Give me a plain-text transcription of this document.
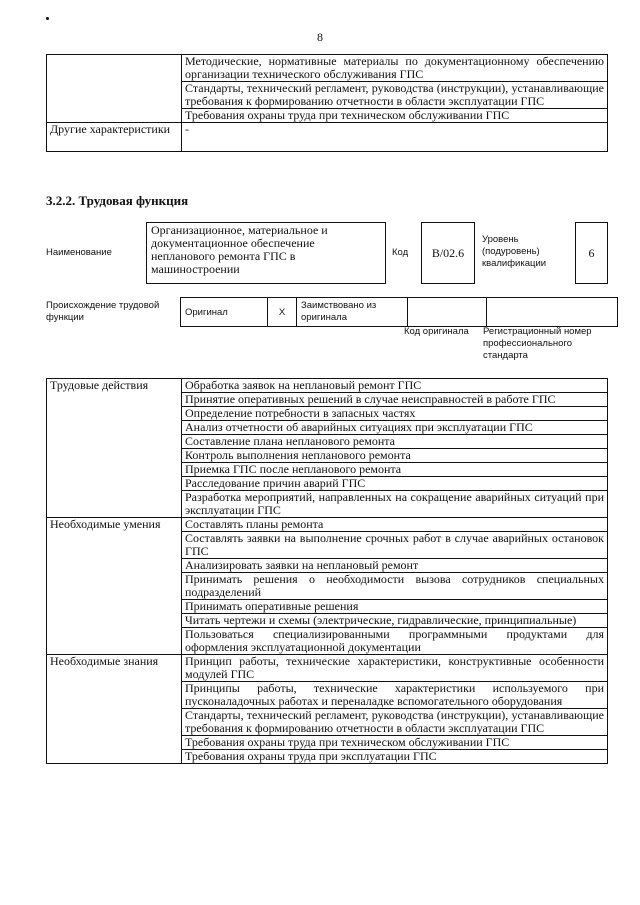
8
	Методические, нормативные материалы по документационному обеспечению организации технического обслуживания ГПС
	Стандарты, технический регламент, руководства (инструкции), устанавливающие требования к формированию отчетности в области эксплуатации ГПС
	Требования охраны труда при техническом обслуживании ГПС
Другие характеристики	-
3.2.2. Трудовая функция
Наименование
Организационное, материальное и документационное обеспечение непланового ремонта ГПС в машиностроении
Код	B/02.6
Уровень (подуровень) квалификации
6
Происхождение трудовой функции	Оригинал	X	Заимствовано из оригинала		
Код оригинала	Регистрационный номер профессионального стандарта
Трудовые действия	Обработка заявок на неплановый ремонт ГПС
	Принятие оперативных решений в случае неисправностей в работе ГПС
	Определение потребности в запасных частях
	Анализ отчетности об аварийных ситуациях при эксплуатации ГПС
	Составление плана непланового ремонта
	Контроль выполнения непланового ремонта
	Приемка ГПС после непланового ремонта
	Расследование причин аварий ГПС
	Разработка мероприятий, направленных на сокращение аварийных ситуаций при эксплуатации ГПС
Необходимые умения	Составлять планы ремонта
	Составлять заявки на выполнение срочных работ в случае аварийных остановок ГПС
	Анализировать заявки на неплановый ремонт
	Принимать решения о необходимости вызова сотрудников специальных подразделений
	Принимать оперативные решения
	Читать чертежи и схемы (электрические, гидравлические, принципиальные)
	Пользоваться специализированными программными продуктами для оформления эксплуатационной документации
Необходимые знания	Принцип работы, технические характеристики, конструктивные особенности модулей ГПС
	Принципы работы, технические характеристики используемого при пусконаладочных работах и переналадке вспомогательного оборудования
	Стандарты, технический регламент, руководства (инструкции), устанавливающие требования к формированию отчетности в области эксплуатации ГПС
	Требования охраны труда при техническом обслуживании ГПС
	Требования охраны труда при эксплуатации ГПС
